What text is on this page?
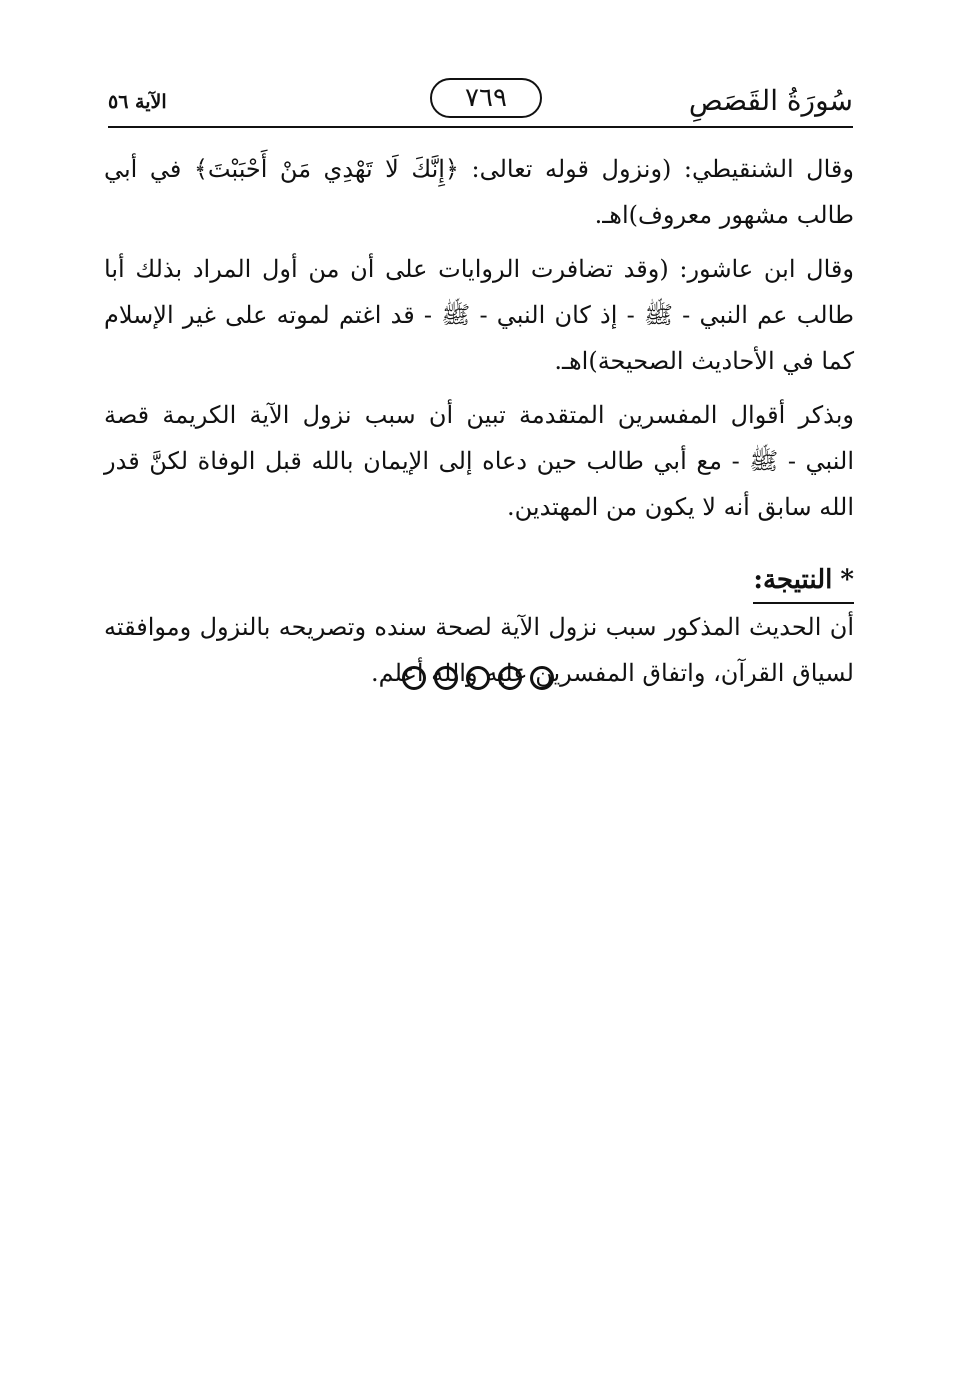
سُورَةُ القَصَصِ
٧٦٩
الآية ٥٦

وقال الشنقيطي: (ونزول قوله تعالى: ﴿إِنَّكَ لَا تَهْدِي مَنْ أَحْبَبْتَ﴾ في أبي طالب مشهور معروف)اهـ.

وقال ابن عاشور: (وقد تضافرت الروايات على أن من أول المراد بذلك أبا طالب عم النبي - ﷺ - إذ كان النبي - ﷺ - قد اغتم لموته على غير الإسلام كما في الأحاديث الصحيحة)اهـ.

وبذكر أقوال المفسرين المتقدمة تبين أن سبب نزول الآية الكريمة قصة النبي - ﷺ - مع أبي طالب حين دعاه إلى الإيمان بالله قبل الوفاة لكنَّ قدر الله سابق أنه لا يكون من المهتدين.

*النتيجة:

أن الحديث المذكور سبب نزول الآية لصحة سنده وتصريحه بالنزول وموافقته لسياق القرآن، واتفاق المفسرين عليه والله أعلم.
